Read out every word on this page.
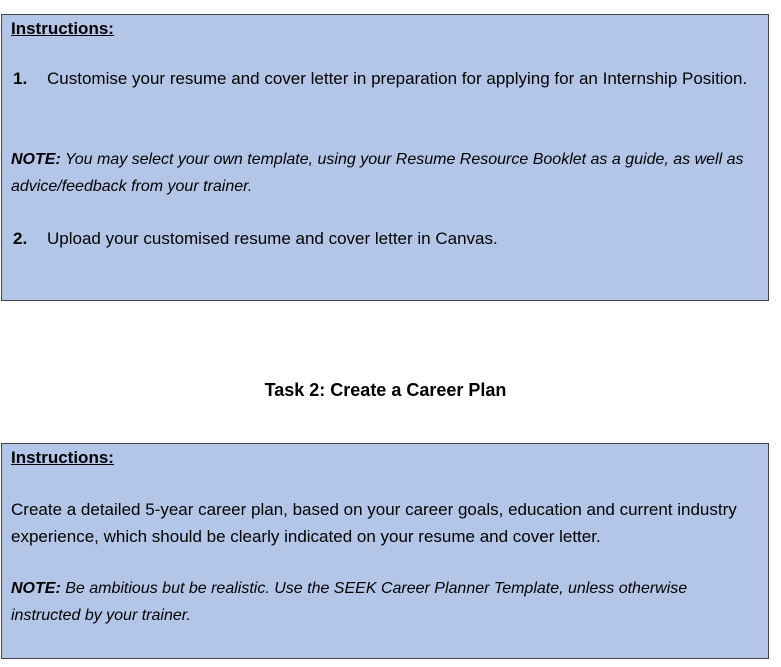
Instructions:
1. Customise your resume and cover letter in preparation for applying for an Internship Position.
NOTE: You may select your own template, using your Resume Resource Booklet as a guide, as well as advice/feedback from your trainer.
2. Upload your customised resume and cover letter in Canvas.
Task 2: Create a Career Plan
Instructions:
Create a detailed 5-year career plan, based on your career goals, education and current industry experience, which should be clearly indicated on your resume and cover letter.
NOTE: Be ambitious but be realistic. Use the SEEK Career Planner Template, unless otherwise instructed by your trainer.
